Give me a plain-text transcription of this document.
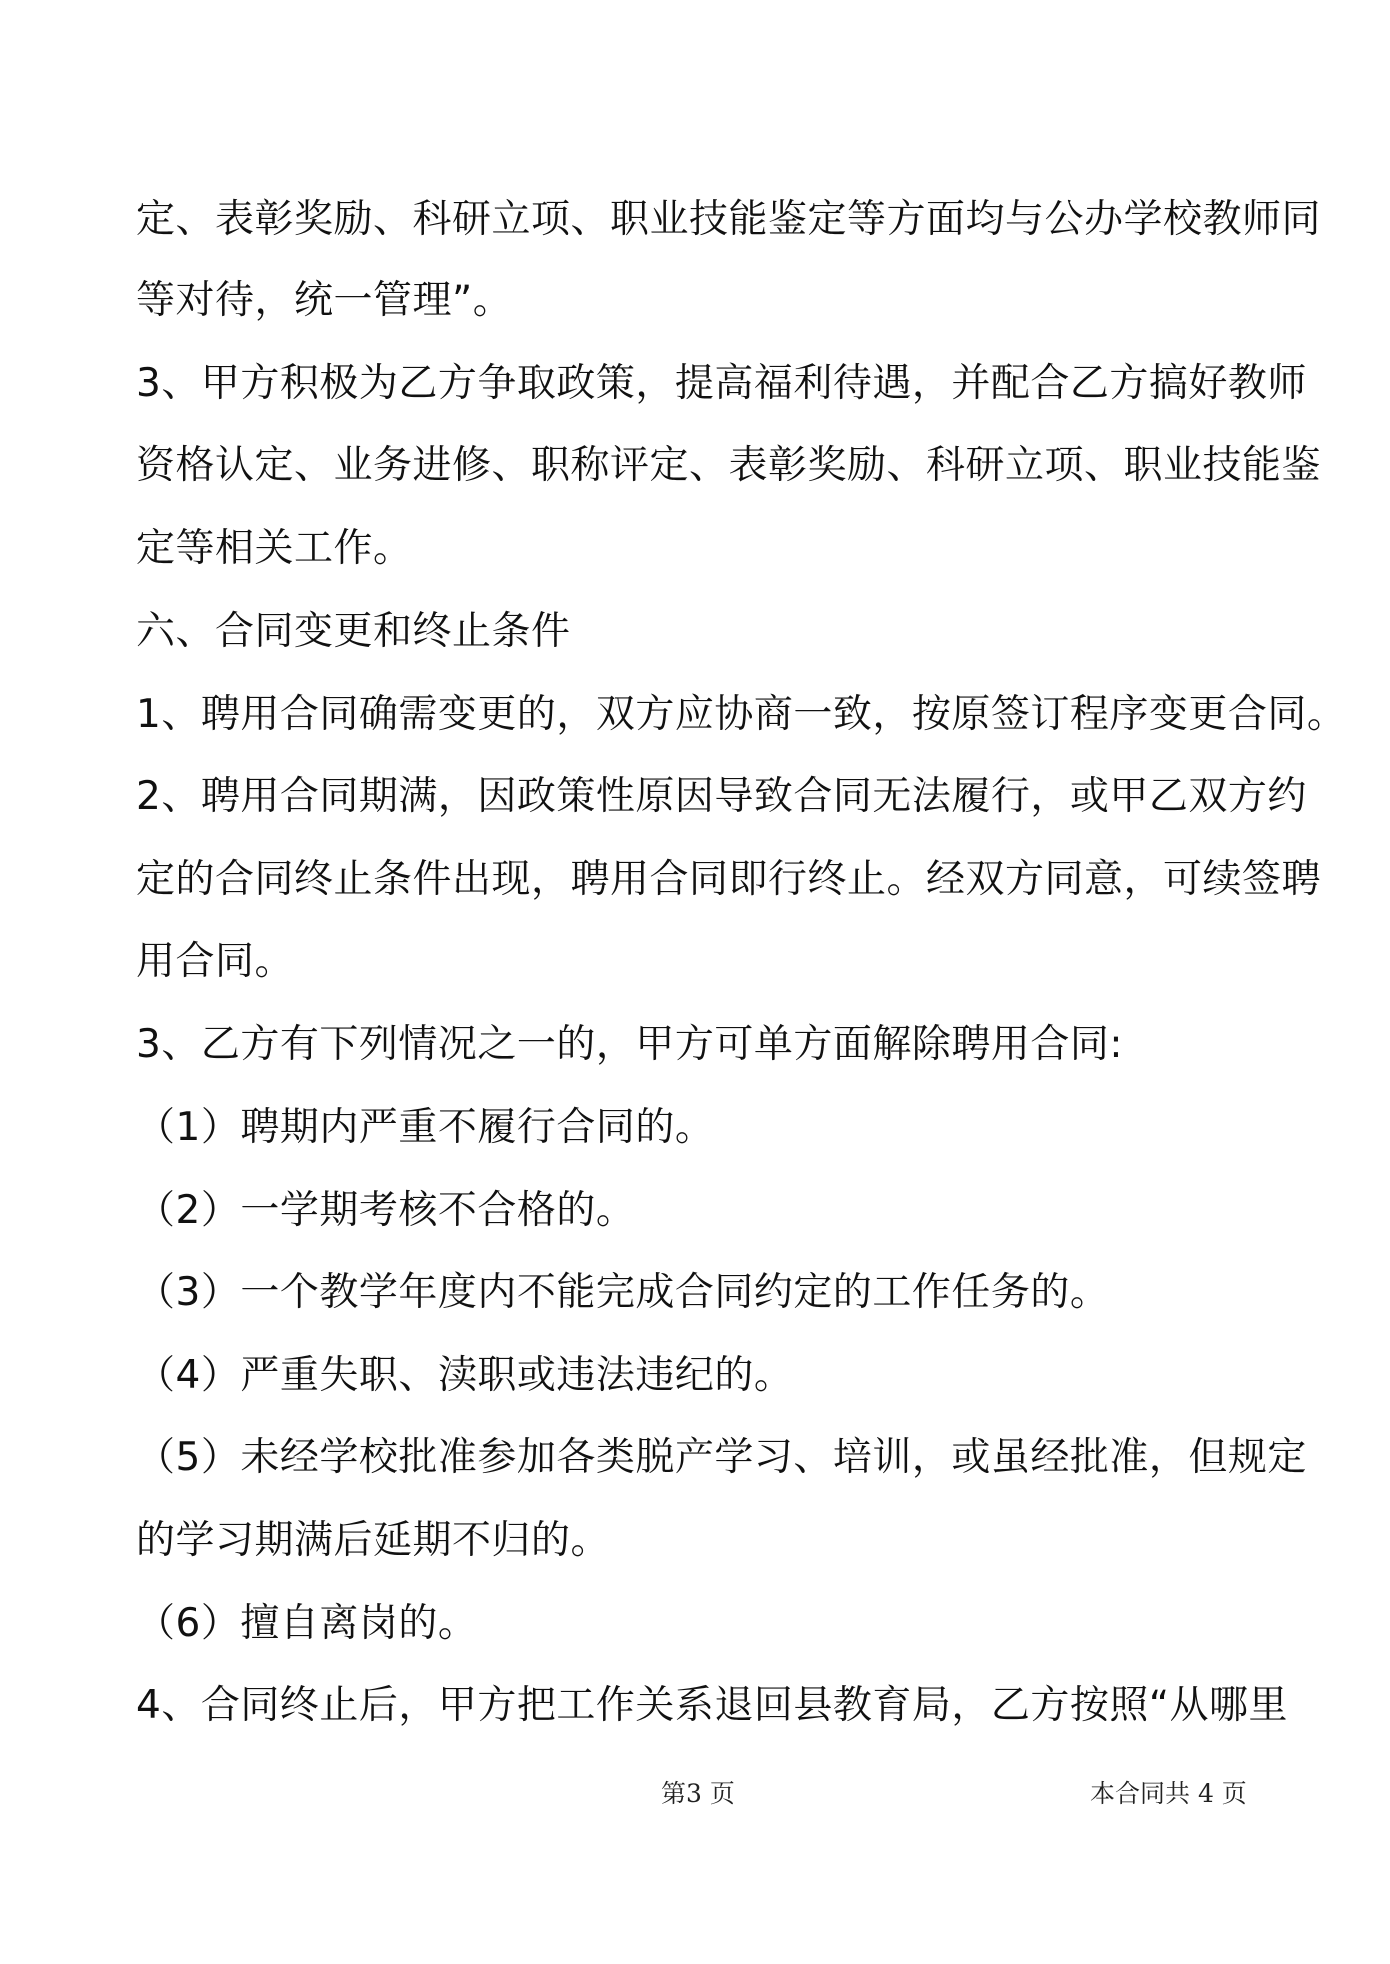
定、表彰奖励、科研立项、职业技能鉴定等方面均与公办学校教师同
等对待，统一管理”。
3、甲方积极为乙方争取政策，提高福利待遇，并配合乙方搞好教师
资格认定、业务进修、职称评定、表彰奖励、科研立项、职业技能鉴
定等相关工作。
六、合同变更和终止条件
1、聘用合同确需变更的，双方应协商一致，按原签订程序变更合同。
2、聘用合同期满，因政策性原因导致合同无法履行，或甲乙双方约
定的合同终止条件出现，聘用合同即行终止。经双方同意，可续签聘
用合同。
3、乙方有下列情况之一的，甲方可单方面解除聘用合同:
（1）聘期内严重不履行合同的。
（2）一学期考核不合格的。
（3）一个教学年度内不能完成合同约定的工作任务的。
（4）严重失职、渎职或违法违纪的。
（5）未经学校批准参加各类脱产学习、培训，或虽经批准，但规定
的学习期满后延期不归的。
（6）擅自离岗的。
4、合同终止后，甲方把工作关系退回县教育局，乙方按照“从哪里
第3 页	本合同共 4 页
